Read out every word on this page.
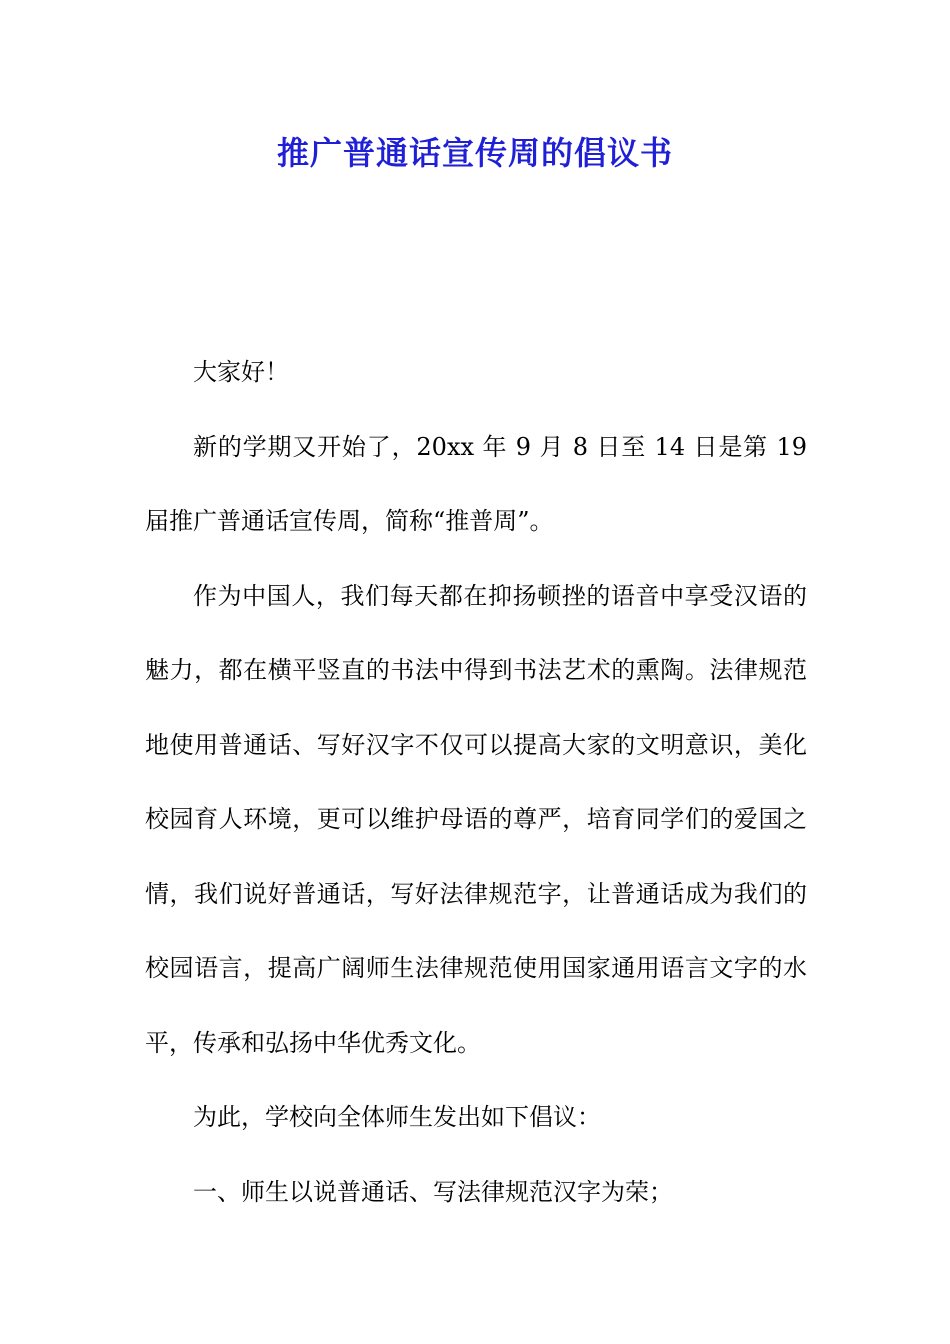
推广普通话宣传周的倡议书

大家好！

新的学期又开始了，20xx 年 9 月 8 日至 14 日是第 19 届推广普通话宣传周，简称“推普周”。

作为中国人，我们每天都在抑扬顿挫的语音中享受汉语的魅力，都在横平竖直的书法中得到书法艺术的熏陶。法律规范地使用普通话、写好汉字不仅可以提高大家的文明意识，美化校园育人环境，更可以维护母语的尊严，培育同学们的爱国之情，我们说好普通话，写好法律规范字，让普通话成为我们的校园语言，提高广阔师生法律规范使用国家通用语言文字的水平，传承和弘扬中华优秀文化。

为此，学校向全体师生发出如下倡议：

一、师生以说普通话、写法律规范汉字为荣；
